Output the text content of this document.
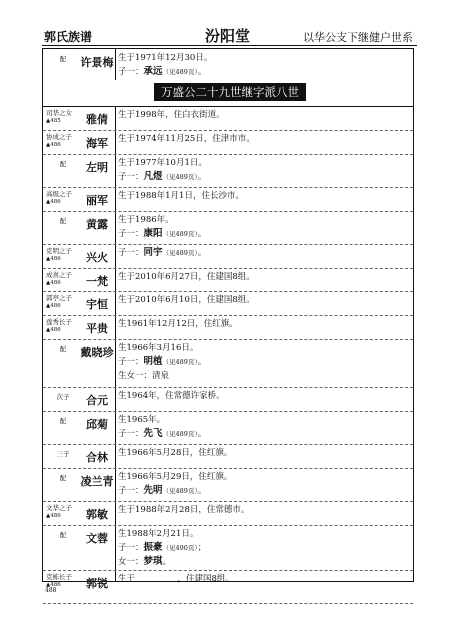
郭氏族谱	汾阳堂	以华公支下继健户世系
万盛公二十九世继字派八世
配	许景梅 生于1971年12月30日。
子一：承远（见489页）。
司华之女
▲485	雅倩	生于1998年，住白衣街道。
协成之子
▲486	海军	生于1974年11月25日，住津市市。
配	左明	生于1977年10月1日。
子一：凡煜（见489页）。
高级之子
▲486	丽军	生于1988年1月1日，住长沙市。
配	黄露	生于1986年。
子一：康阳（见489页）。
克明之子
▲486	兴火	子一：同宇（见489页）。
成喜之子
▲486	一梵	生于2010年6月27日，住建国8组。
郭亭之子
▲486	宇恒	生于2010年6月10日，住建国8组。
莲秀长子
▲486	平贵	生1961年12月12日，住红旗。
配	戴晓珍 生1966年3月16日。
子一：明植（见489页）。
生女一：清泉
次子	合元	生1964年，住常德许家桥。
配	邱菊	生1965年。
子一：先飞（见489页）。
三子	合林	生1966年5月28日，住红旗。
配	凌兰青 生1966年5月29日，住红旗。
子一：先明（见489页）。
文华之子
▲486	郭敏	生于1988年2月28日，住常德市。
配	文蓉	生1988年2月21日。
子一：振豪（见490页）；
女一：梦琪。
克栋长子
▲486	郭锐	生于　　　　　，住建国8组。
488
